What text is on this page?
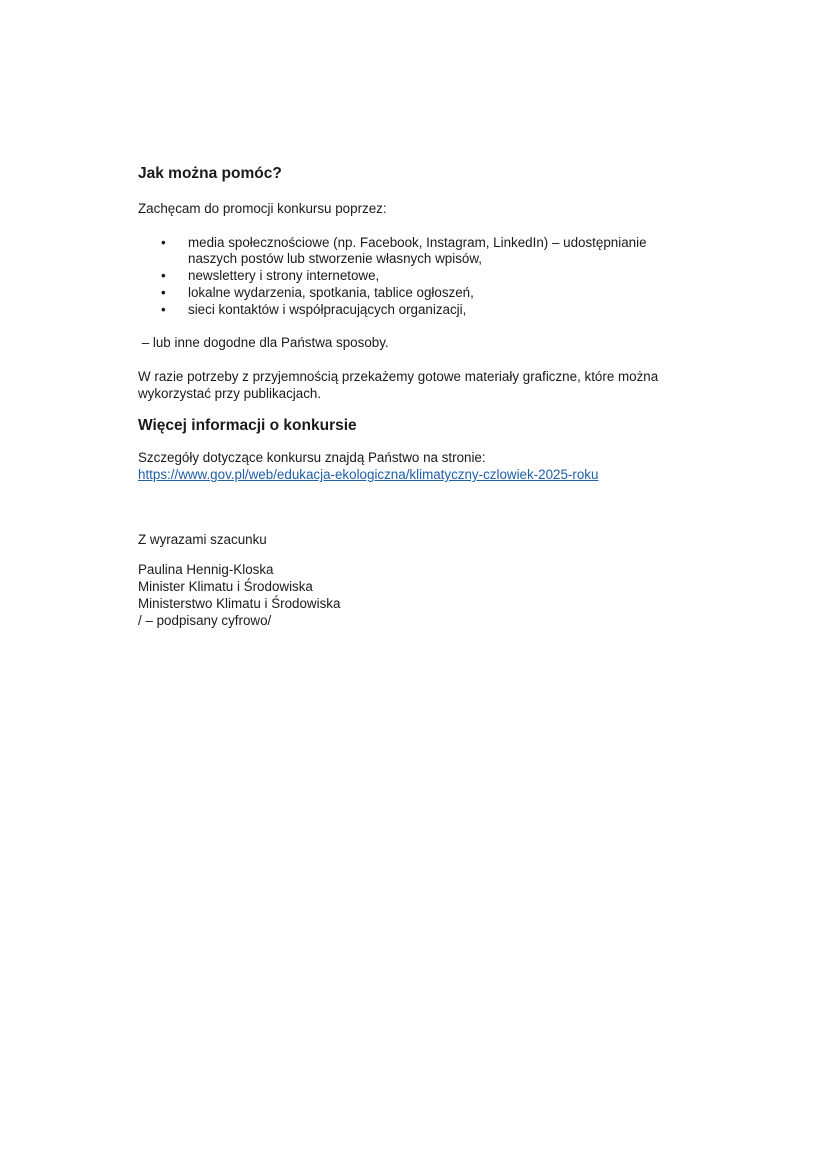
Jak można pomóc?

Zachęcam do promocji konkursu poprzez:

• media społecznościowe (np. Facebook, Instagram, LinkedIn) – udostępnianie naszych postów lub stworzenie własnych wpisów,
• newslettery i strony internetowe,
• lokalne wydarzenia, spotkania, tablice ogłoszeń,
• sieci kontaktów i współpracujących organizacji,

– lub inne dogodne dla Państwa sposoby.

W razie potrzeby z przyjemnością przekażemy gotowe materiały graficzne, które można wykorzystać przy publikacjach.

Więcej informacji o konkursie

Szczegóły dotyczące konkursu znajdą Państwo na stronie:
https://www.gov.pl/web/edukacja-ekologiczna/klimatyczny-czlowiek-2025-roku

Z wyrazami szacunku

Paulina Hennig-Kloska
Minister Klimatu i Środowiska
Ministerstwo Klimatu i Środowiska
/ – podpisany cyfrowo/
